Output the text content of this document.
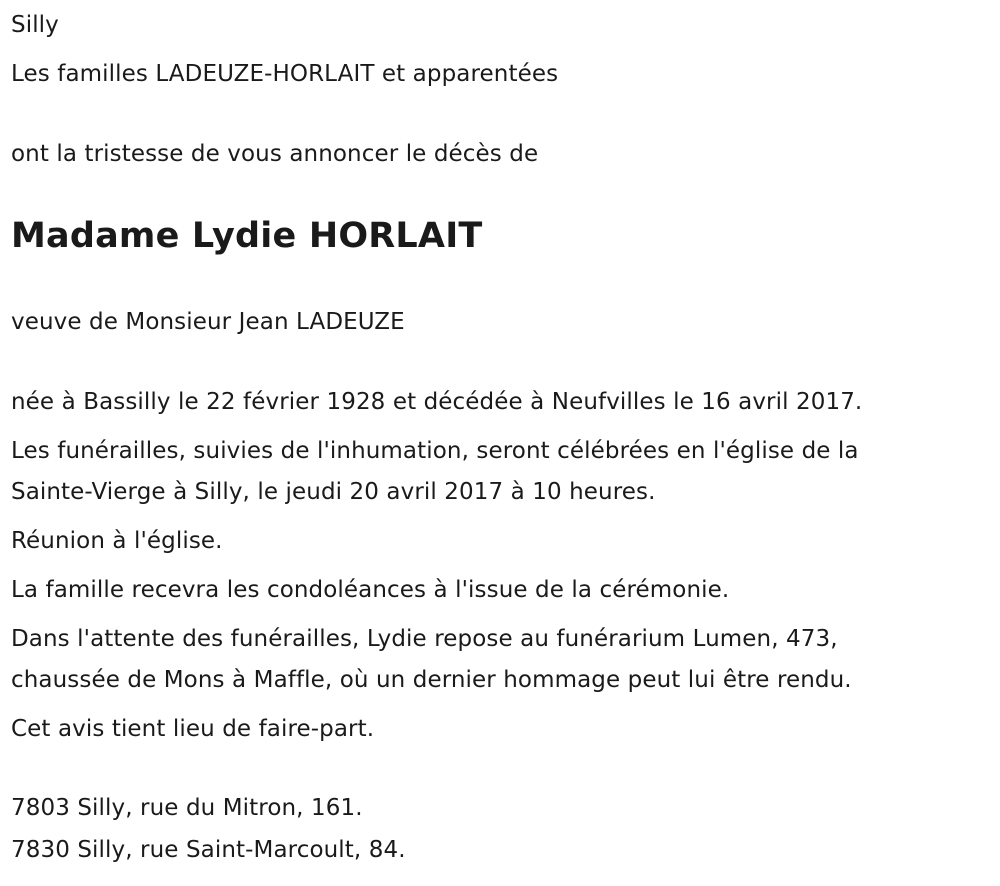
Silly
Les familles LADEUZE-HORLAIT et apparentées
ont la tristesse de vous annoncer le décès de
Madame Lydie HORLAIT
veuve de Monsieur Jean LADEUZE
née à Bassilly le 22 février 1928 et décédée à Neufvilles le 16 avril 2017.
Les funérailles, suivies de l'inhumation, seront célébrées en l'église de la
Sainte-Vierge à Silly, le jeudi 20 avril 2017 à 10 heures.
Réunion à l'église.
La famille recevra les condoléances à l'issue de la cérémonie.
Dans l'attente des funérailles, Lydie repose au funérarium Lumen, 473,
chaussée de Mons à Maffle, où un dernier hommage peut lui être rendu.
Cet avis tient lieu de faire-part.
7803 Silly, rue du Mitron, 161.
7830 Silly, rue Saint-Marcoult, 84.
